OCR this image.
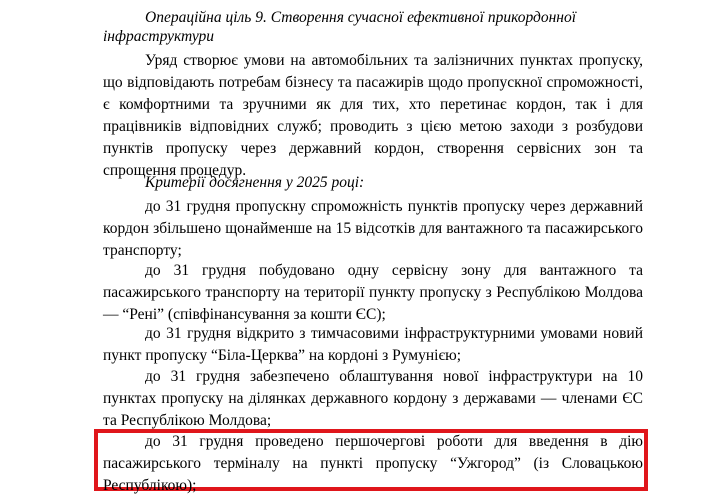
Операційна ціль 9. Створення сучасної ефективної прикордонної
інфраструктури

Уряд створює умови на автомобільних та залізничних пунктах пропуску, що відповідають потребам бізнесу та пасажирів щодо пропускної спроможності, є комфортними та зручними як для тих, хто перетинає кордон, так і для працівників відповідних служб; проводить з цією метою заходи з розбудови пунктів пропуску через державний кордон, створення сервісних зон та спрощення процедур.

Критерії досягнення у 2025 році:

до 31 грудня пропускну спроможність пунктів пропуску через державний кордон збільшено щонайменше на 15 відсотків для вантажного та пасажирського транспорту;

до 31 грудня побудовано одну сервісну зону для вантажного та пасажирського транспорту на території пункту пропуску з Республікою Молдова — “Рені” (співфінансування за кошти ЄС);

до 31 грудня відкрито з тимчасовими інфраструктурними умовами новий пункт пропуску “Біла-Церква” на кордоні з Румунією;

до 31 грудня забезпечено облаштування нової інфраструктури на 10 пунктах пропуску на ділянках державного кордону з державами — членами ЄС та Республікою Молдова;

до 31 грудня проведено першочергові роботи для введення в дію пасажирського терміналу на пункті пропуску “Ужгород” (із Словацькою Республікою);
